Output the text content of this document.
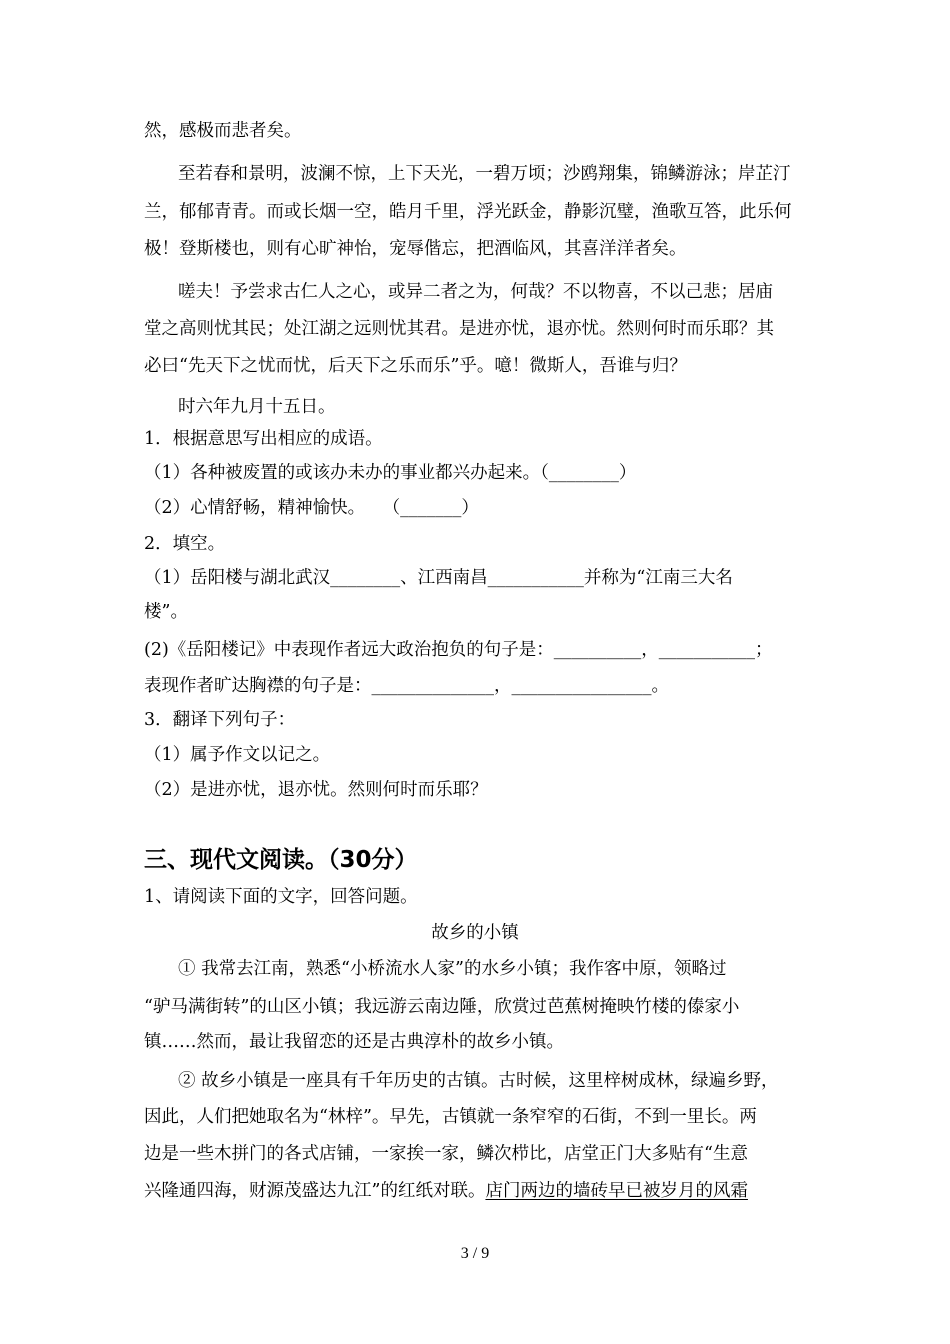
然，感极而悲者矣。
至若春和景明，波澜不惊，上下天光，一碧万顷；沙鸥翔集，锦鳞游泳；岸芷汀
兰，郁郁青青。而或长烟一空，皓月千里，浮光跃金，静影沉璧，渔歌互答，此乐何
极！登斯楼也，则有心旷神怡，宠辱偕忘，把酒临风，其喜洋洋者矣。
嗟夫！予尝求古仁人之心，或异二者之为，何哉？不以物喜，不以己悲；居庙
堂之高则忧其民；处江湖之远则忧其君。是进亦忧，退亦忧。然则何时而乐耶？其
必曰“先天下之忧而忧，后天下之乐而乐”乎。噫！微斯人，吾谁与归？
时六年九月十五日。
1．根据意思写出相应的成语。
（1）各种被废置的或该办未办的事业都兴办起来。（________）
（2）心情舒畅，精神愉快。　　（_______）
2．填空。
（1）岳阳楼与湖北武汉________、江西南昌___________并称为“江南三大名
楼”。
(2)《岳阳楼记》中表现作者远大政治抱负的句子是：__________，___________；
表现作者旷达胸襟的句子是：______________，________________。
3．翻译下列句子：
（1）属予作文以记之。
（2）是进亦忧，退亦忧。然则何时而乐耶？
三、现代文阅读。（30分）
1、请阅读下面的文字，回答问题。
故乡的小镇
① 我常去江南，熟悉“小桥流水人家”的水乡小镇；我作客中原，领略过
“驴马满街转”的山区小镇；我远游云南边陲，欣赏过芭蕉树掩映竹楼的傣家小
镇……然而，最让我留恋的还是古典淳朴的故乡小镇。
② 故乡小镇是一座具有千年历史的古镇。古时候，这里梓树成林，绿遍乡野，
因此，人们把她取名为“林梓”。早先，古镇就一条窄窄的石街，不到一里长。两
边是一些木拼门的各式店铺，一家挨一家，鳞次栉比，店堂正门大多贴有“生意
兴隆通四海，财源茂盛达九江”的红纸对联。店门两边的墙砖早已被岁月的风霜
3 / 9
